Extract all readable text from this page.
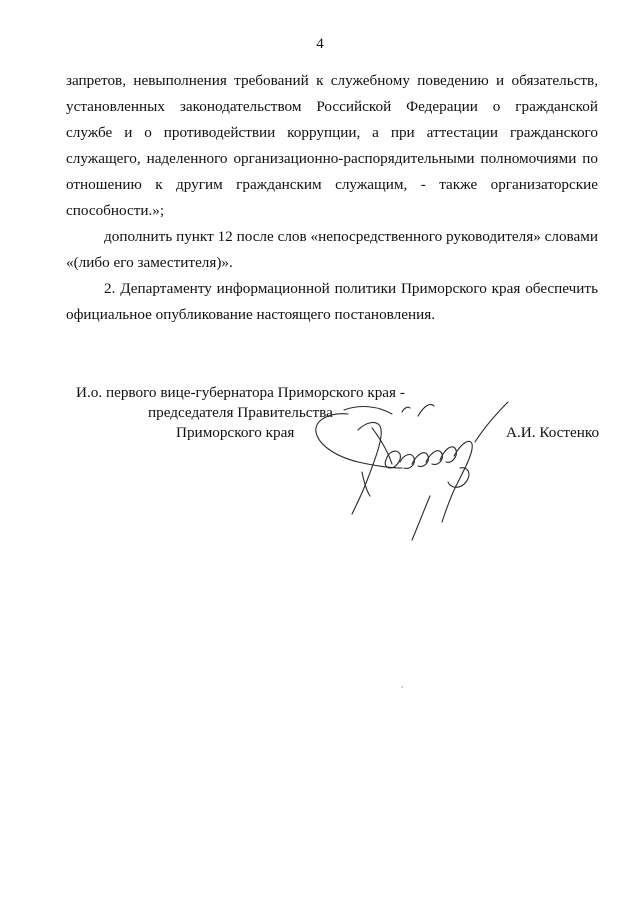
4
запретов, невыполнения требований к служебному поведению и обязательств,
установленных законодательством Российской Федерации о гражданской
службе и о противодействии коррупции, а при аттестации гражданского
служащего, наделенного организационно-распорядительными полномочиями по
отношению к другим гражданским служащим, - также организаторские
способности.»;
дополнить пункт 12 после слов «непосредственного руководителя» словами
«(либо его заместителя)».
2. Департаменту информационной политики Приморского края обеспечить
официальное опубликование настоящего постановления.
И.о. первого вице-губернатора Приморского края -
председателя Правительства
Приморского края	А.И. Костенко
